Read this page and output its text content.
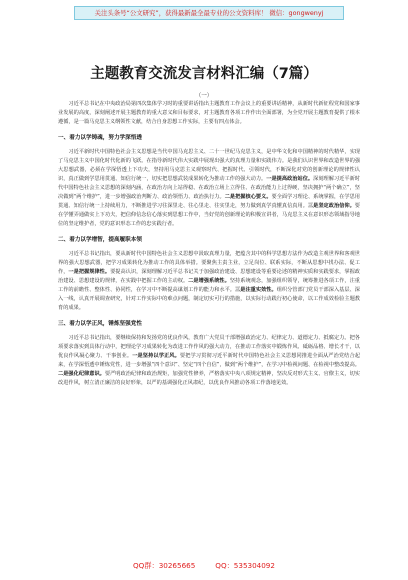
关注头条号“公文研究”，获得最新最全最专业的公文资料库！ 微信：gongwenyj
主题教育交流发言材料汇编（7篇）
（一）

习近平总书记在中央政治局第四次集体学习时的重要讲话指出主题教育工作会议上的重要讲话精神，从新时代新征程党和国家事业发展的高度，深刻阐述开展主题教育的重大意义和目标要求，对主题教育各项工作作出全面部署，为全党开展主题教育提供了根本遵循，是一篇马克思主义纲领性文献，结合自身思想工作实际，主要有四点体会。

一、着力以学铸魂，努力学深悟透

习近平新时代中国特色社会主义思想是当代中国马克思主义、二十一世纪马克思主义，是中华文化和中国精神的时代精华，实现了马克思主义中国化时代化新的飞跃。在指导新时代伟大实践中展现出强大的真理力量和实践伟力。是我们认识世界和改造世界的强大思想武器，必须在学深悟透上下功夫，坚持用马克思主义观察时代、把握时代、引领时代，不断深化对党的创新理论的规律性认识，真正做到学思用贯通、知信行统一，切实把思想武装成果转化为推动工作的强大动力。一是提高政治站位。深刻理解习近平新时代中国特色社会主义思想的深刻内涵，在政治方向上站得稳、在政治立场上立得住、在政治能力上过得硬，坚决拥护“两个确立”，坚决做到“两个维护”，进一步增强政治判断力、政治领悟力、政治执行力。二是把握核心要义。要全面学习理论、系统掌握，在学思用贯通、知信行统一上持续用力，不断推进学习往深里走、往心里走、往实里走，努力做到真学真懂真信真用。三是坚定政治信仰。要在学懂弄通做实上下功夫，把信仰信念信心落实到思想工作中，当好党的创新理论的积极宣讲者，马克思主义在意识形态领域指导地位的坚定维护者，党的意识形态工作的忠实践行者。

二、着力以学增智，提高履职本领

习近平总书记指出，要从新时代中国特色社会主义思想中汲取真理力量，把蕴含其中的科学思想方法作为改造主观世界和客观世界的强大思想武器，把学习成果转化为推动工作的具体举措。要聚焦主责主业，立足岗位、联系实际，不断从思想中找办法、促工作，一是把握规律性。要提高认识，深刻理解习近平总书记关于加强政治建设、思想建设等重要论述的精神实质和实践要求，掌握政治建设、思想建设的规律，在实践中把握工作的主动权。二是增强系统性。坚持系统观念，加强组织领导，统筹推进各项工作，注重工作的前瞻性、整体性、协同性，在学习中不断提高谋划工作的能力和水平。三是注重实效性。组织分管部门党员干部深入基层、深入一线，认真开展调查研究，针对工作实际中的难点问题，制定切实可行的措施，以实际行动践行初心使命，以工作成效检验主题教育的成果。

三、着力以学正风，锤炼坚强党性

习近平总书记指出，要继续保持和发扬党的优良作风，教育广大党员干部增强政治定力、纪律定力、道德定力、抵腐定力。把各项要求落实到具体行动中，把理论学习成果转化为改进工作作风的强大动力，在推动工作落实中锻炼作风、砥砺品格、增长才干，以优良作风凝心聚力、干事创业。一是坚持以学正风。要把学习贯彻习近平新时代中国特色社会主义思想同推进全面从严治党结合起来，在学深悟透中锤炼党性，进一步增强“四个意识”、坚定“四个自信”，做到“两个维护”，在学习中检视问题、在检视中整改提高。二是强化纪律意识。要严明政治纪律和政治规矩，加强党性修养，严格落实中央八项规定精神，坚决反对形式主义、官僚主义，切实改进作风，树立清正廉洁的良好形象，以严的基调强化正风肃纪，以优良作风推动各项工作落地见效。

QQ群：30265665	QQ：535304092
